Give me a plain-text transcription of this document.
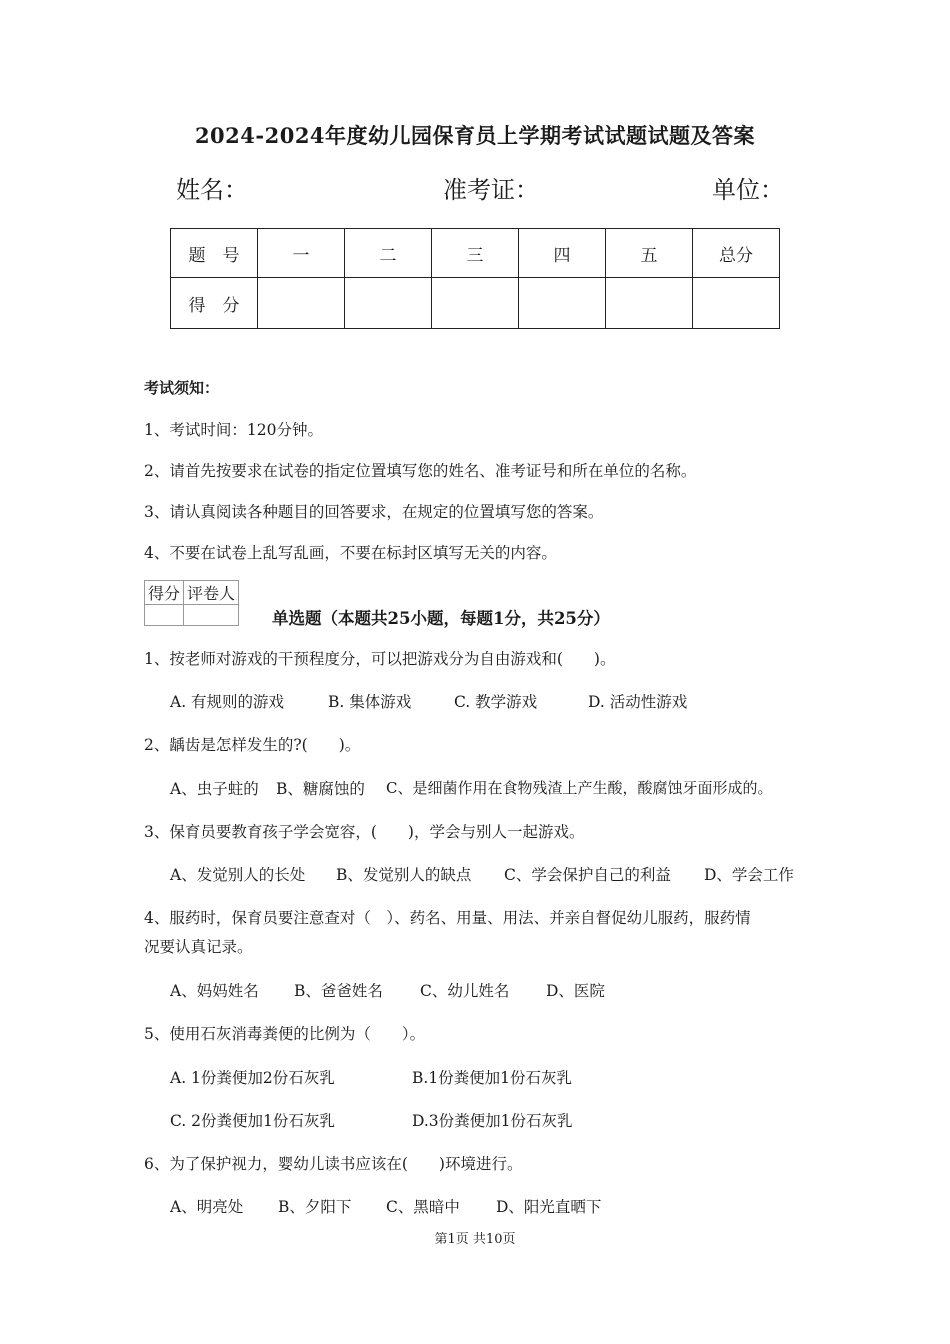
2024-2024年度幼儿园保育员上学期考试试题试题及答案
姓名：	准考证：	单位：
题　号	一	二	三	四	五	总分
得　分						
考试须知：
1、考试时间：120分钟。
2、请首先按要求在试卷的指定位置填写您的姓名、准考证号和所在单位的名称。
3、请认真阅读各种题目的回答要求，在规定的位置填写您的答案。
4、不要在试卷上乱写乱画，不要在标封区填写无关的内容。
得分	评卷人

单选题（本题共25小题，每题1分，共25分）
1、按老师对游戏的干预程度分，可以把游戏分为自由游戏和(　　)。
A. 有规则的游戏	B. 集体游戏	C. 教学游戏	D. 活动性游戏
2、龋齿是怎样发生的?(　　)。
A、虫子蛀的 B、糖腐蚀的 C、是细菌作用在食物残渣上产生酸，酸腐蚀牙面形成的。
3、保育员要教育孩子学会宽容，(　　)，学会与别人一起游戏。
A、发觉别人的长处 B、发觉别人的缺点 C、学会保护自己的利益 D、学会工作
4、服药时，保育员要注意查对（　）、药名、用量、用法、并亲自督促幼儿服药，服药情
况要认真记录。
A、妈妈姓名 B、爸爸姓名 C、幼儿姓名 D、医院
5、使用石灰消毒粪便的比例为（　　）。
A. 1份粪便加2份石灰乳	B.1份粪便加1份石灰乳
C. 2份粪便加1份石灰乳	D.3份粪便加1份石灰乳
6、为了保护视力，婴幼儿读书应该在(　　)环境进行。
A、明亮处 B、夕阳下 C、黑暗中 D、阳光直晒下
第1页 共10页
